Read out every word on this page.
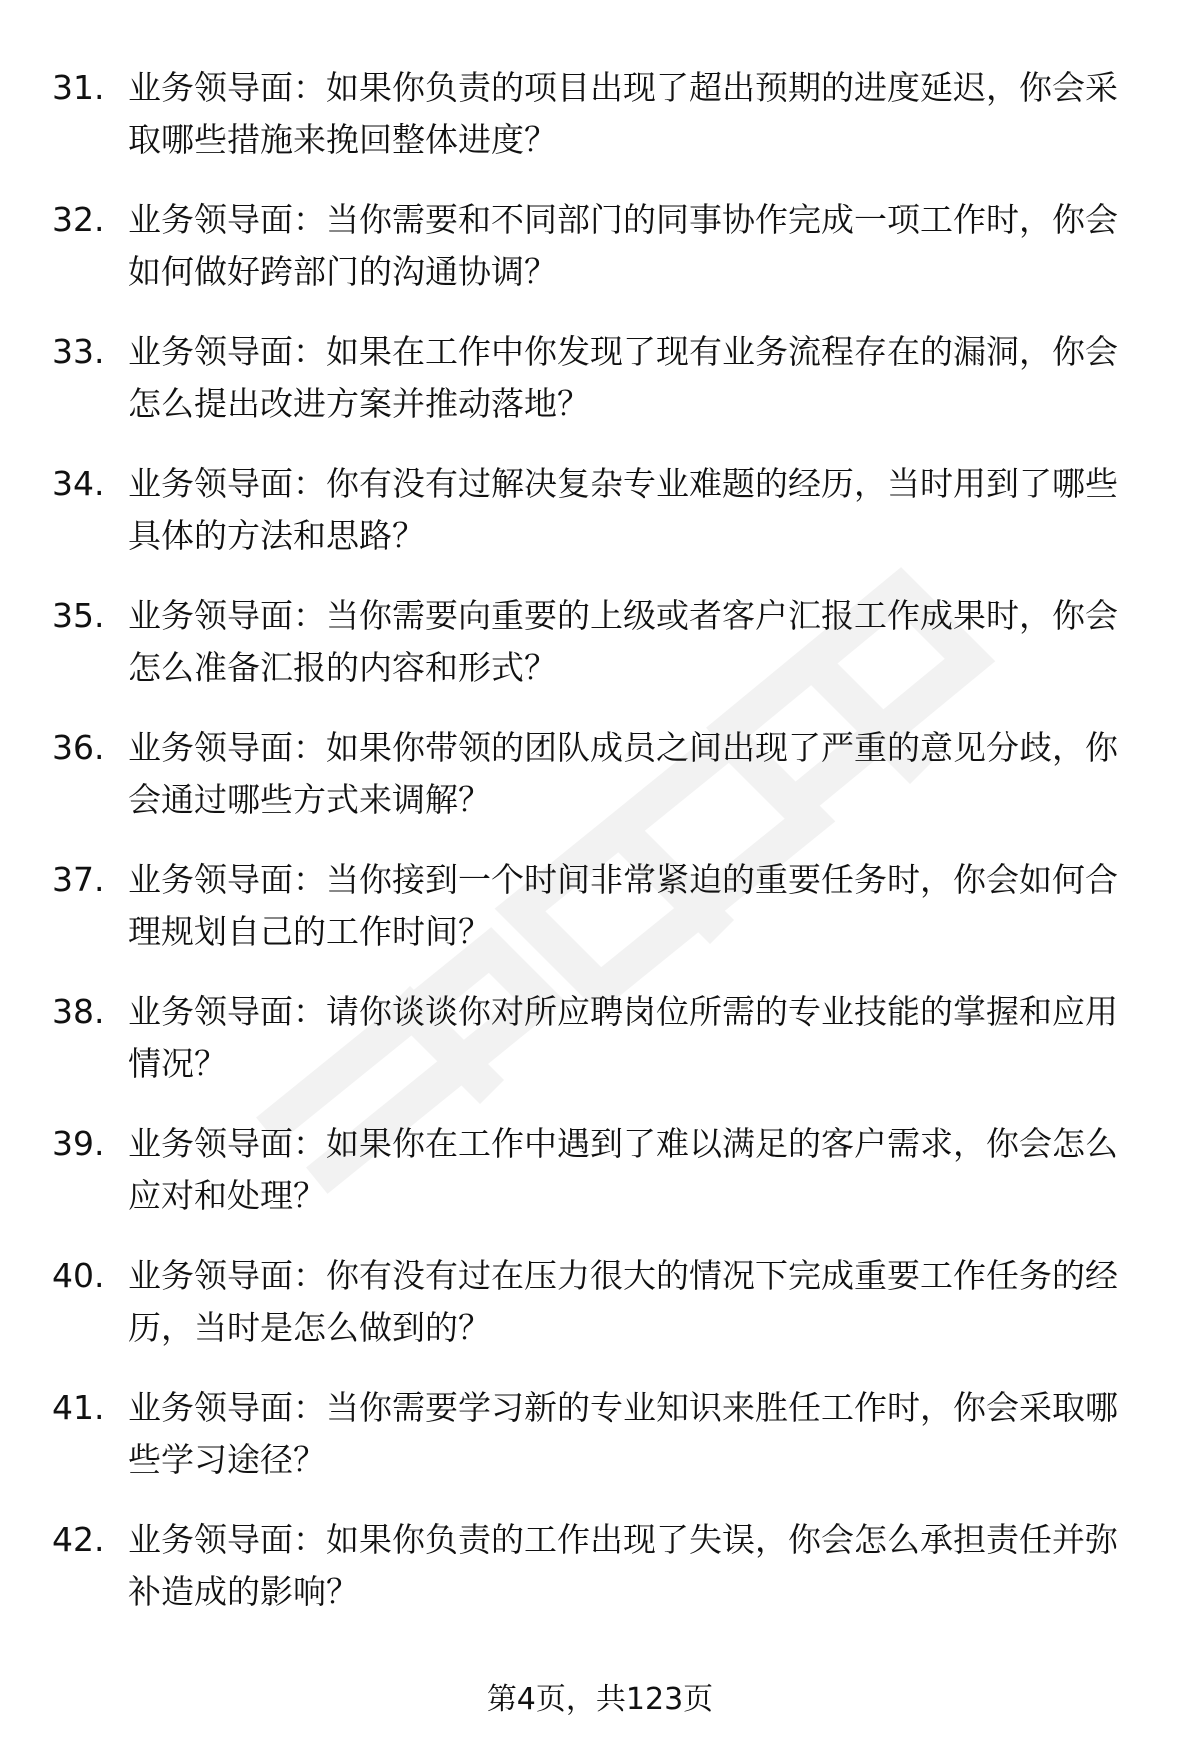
31. 业务领导面：如果你负责的项目出现了超出预期的进度延迟，你会采取哪些措施来挽回整体进度？
32. 业务领导面：当你需要和不同部门的同事协作完成一项工作时，你会如何做好跨部门的沟通协调？
33. 业务领导面：如果在工作中你发现了现有业务流程存在的漏洞，你会怎么提出改进方案并推动落地？
34. 业务领导面：你有没有过解决复杂专业难题的经历，当时用到了哪些具体的方法和思路？
35. 业务领导面：当你需要向重要的上级或者客户汇报工作成果时，你会怎么准备汇报的内容和形式？
36. 业务领导面：如果你带领的团队成员之间出现了严重的意见分歧，你会通过哪些方式来调解？
37. 业务领导面：当你接到一个时间非常紧迫的重要任务时，你会如何合理规划自己的工作时间？
38. 业务领导面：请你谈谈你对所应聘岗位所需的专业技能的掌握和应用情况？
39. 业务领导面：如果你在工作中遇到了难以满足的客户需求，你会怎么应对和处理？
40. 业务领导面：你有没有过在压力很大的情况下完成重要工作任务的经历，当时是怎么做到的？
41. 业务领导面：当你需要学习新的专业知识来胜任工作时，你会采取哪些学习途径？
42. 业务领导面：如果你负责的工作出现了失误，你会怎么承担责任并弥补造成的影响？
第4页，共123页
